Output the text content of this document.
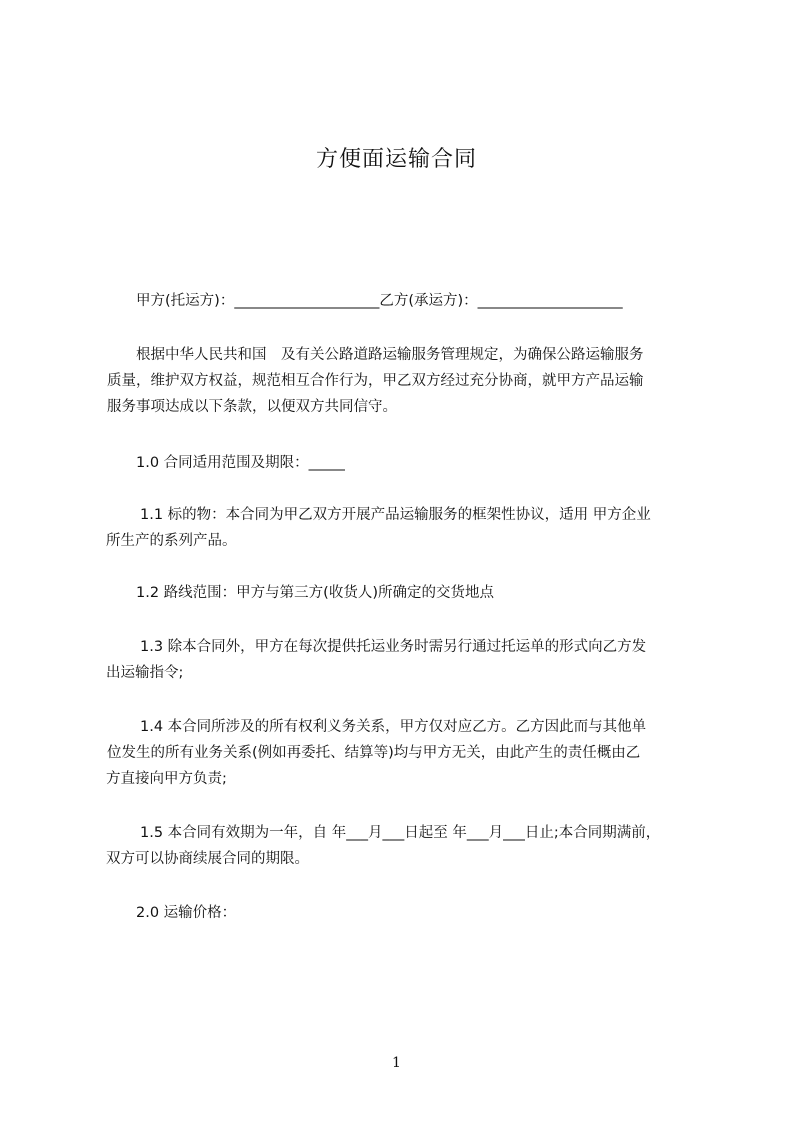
方便面运输合同

甲方(托运方)：____________________乙方(承运方)：____________________

根据中华人民共和国　及有关公路道路运输服务管理规定，为确保公路运输服务
质量，维护双方权益，规范相互合作行为，甲乙双方经过充分协商，就甲方产品运输
服务事项达成以下条款，以便双方共同信守。

1.0 合同适用范围及期限：_____

1.1 标的物：本合同为甲乙双方开展产品运输服务的框架性协议，适用 甲方企业
所生产的系列产品。

1.2 路线范围：甲方与第三方(收货人)所确定的交货地点

1.3 除本合同外，甲方在每次提供托运业务时需另行通过托运单的形式向乙方发
出运输指令;

1.4 本合同所涉及的所有权利义务关系，甲方仅对应乙方。乙方因此而与其他单
位发生的所有业务关系(例如再委托、结算等)均与甲方无关，由此产生的责任概由乙
方直接向甲方负责;

1.5 本合同有效期为一年，自 年___月___日起至 年___月___日止;本合同期满前，
双方可以协商续展合同的期限。

2.0 运输价格：

1
